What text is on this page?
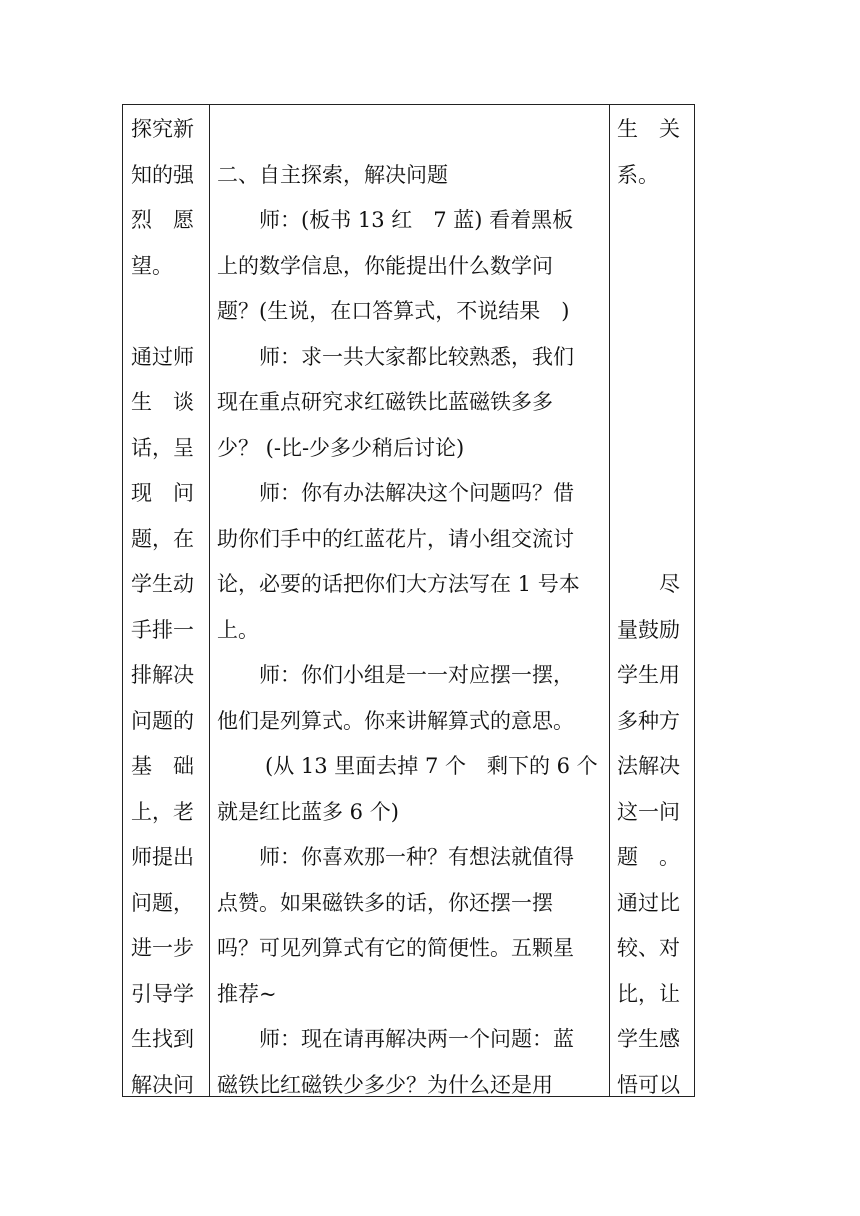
探究新
知的强
烈　愿
望。
通过师
生　谈
话，呈
现　问
题，在
学生动
手排一
排解决
问题的
基　础
上，老
师提出
问题，
进一步
引导学
生找到
解决问
二、自主探索，解决问题
师：(板书 13 红　7 蓝) 看着黑板
上的数学信息，你能提出什么数学问
题？(生说，在口答算式，不说结果　)
师：求一共大家都比较熟悉，我们
现在重点研究求红磁铁比蓝磁铁多多
少？ (-比-少多少稍后讨论)
师：你有办法解决这个问题吗？借
助你们手中的红蓝花片，请小组交流讨
论，必要的话把你们大方法写在 1 号本
上。
师：你们小组是一一对应摆一摆，
他们是列算式。你来讲解算式的意思。
(从 13 里面去掉 7 个　剩下的 6 个
就是红比蓝多 6 个)
师：你喜欢那一种？有想法就值得
点赞。如果磁铁多的话，你还摆一摆
吗？可见列算式有它的简便性。五颗星
推荐~
师：现在请再解决两一个问题：蓝
磁铁比红磁铁少多少？为什么还是用
生　关
系。
尽
量鼓励
学生用
多种方
法解决
这一问
题　。
通过比
较、对
比，让
学生感
悟可以
